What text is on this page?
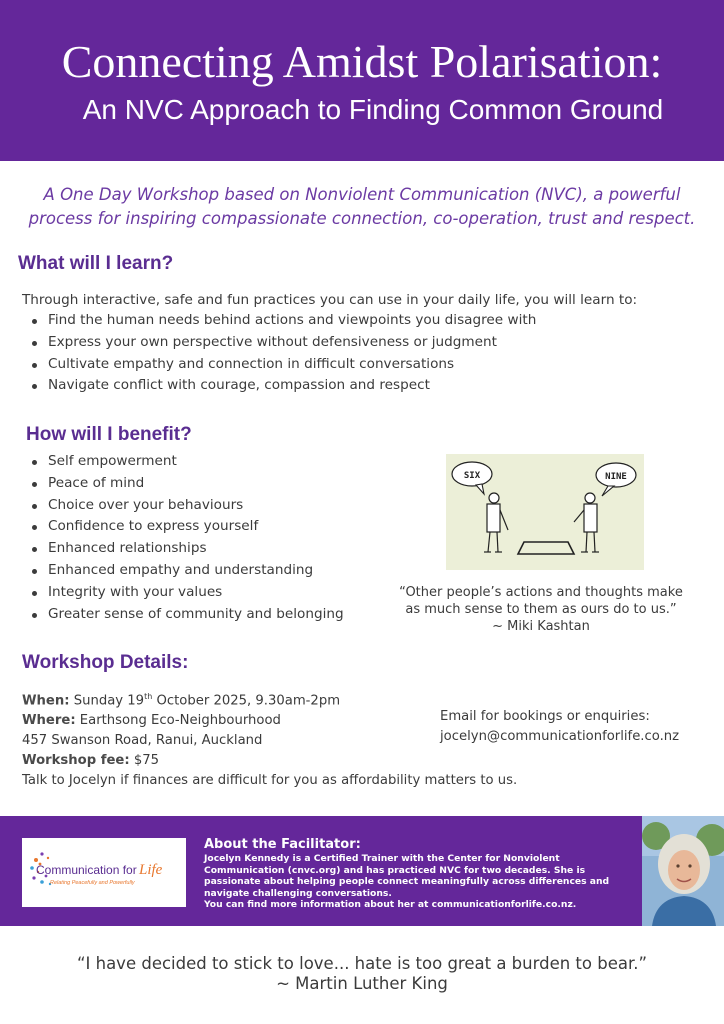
Connecting Amidst Polarisation:
An NVC Approach to Finding Common Ground
A One Day Workshop based on Nonviolent Communication (NVC), a powerful
process for inspiring compassionate connection, co-operation, trust and respect.
What will I learn?
Through interactive, safe and fun practices you can use in your daily life, you will learn to:
Find the human needs behind actions and viewpoints you disagree with
Express your own perspective without defensiveness or judgment
Cultivate empathy and connection in difficult conversations
Navigate conflict with courage, compassion and respect
How will I benefit?
Self empowerment
Peace of mind
Choice over your behaviours
Confidence to express yourself
Enhanced relationships
Enhanced empathy and understanding
Integrity with your values
Greater sense of community and belonging
SIX	NINE
“Other people’s actions and thoughts make
as much sense to them as ours do to us.”
~ Miki Kashtan
Workshop Details:
When: Sunday 19th October 2025, 9.30am-2pm
Where: Earthsong Eco-Neighbourhood
457 Swanson Road, Ranui, Auckland
Workshop fee: $75
Talk to Jocelyn if finances are difficult for you as affordability matters to us.
Email for bookings or enquiries:
jocelyn@communicationforlife.co.nz
Communication for Life
Relating Peacefully and Powerfully
About the Facilitator:
Jocelyn Kennedy is a Certified Trainer with the Center for Nonviolent
Communication (cnvc.org) and has practiced NVC for two decades. She is
passionate about helping people connect meaningfully across differences and
navigate challenging conversations.
You can find more information about her at communicationforlife.co.nz.
“I have decided to stick to love... hate is too great a burden to bear.”
~ Martin Luther King
